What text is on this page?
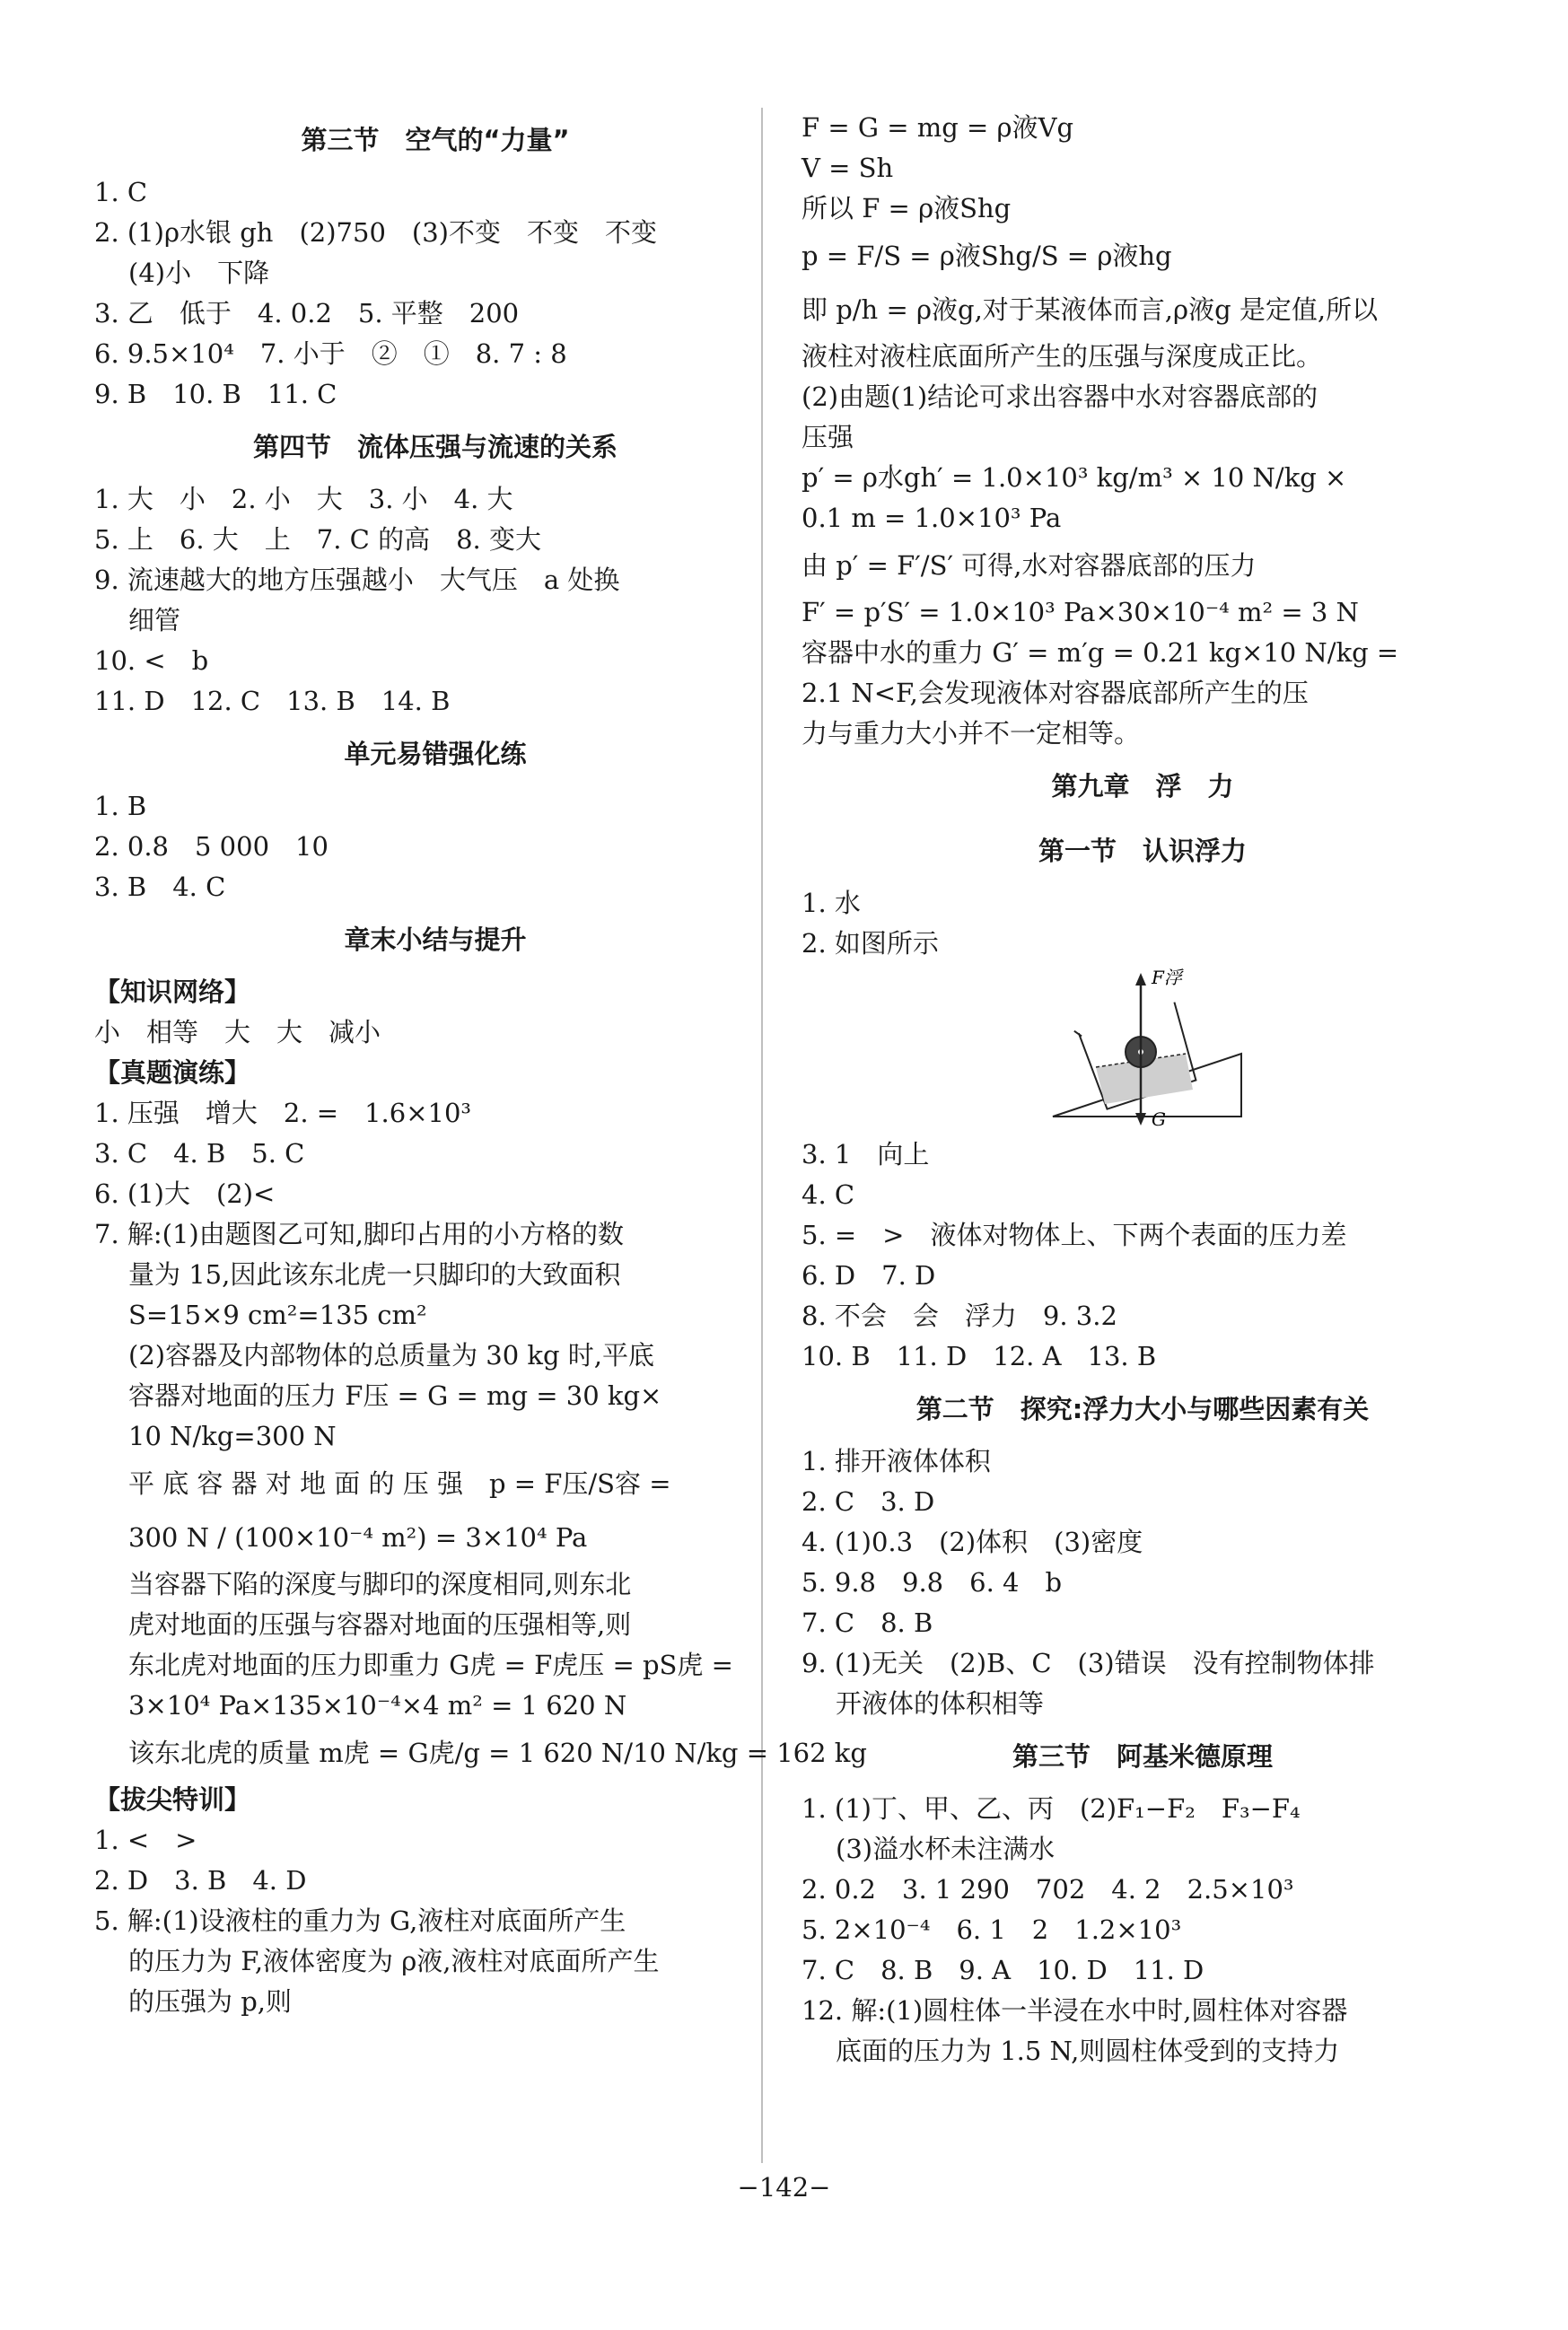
第三节　空气的“力量”
1. C
2. (1)ρ水银 gh　(2)750　(3)不变　不变　不变
(4)小　下降
3. 乙　低于　4. 0.2　5. 平整　200
6. 9.5×10⁴　7. 小于　②　①　8. 7 : 8
9. B　10. B　11. C
第四节　流体压强与流速的关系
1. 大　小　2. 小　大　3. 小　4. 大
5. 上　6. 大　上　7. C 的高　8. 变大
9. 流速越大的地方压强越小　大气压　a 处换
细管
10. <　b
11. D　12. C　13. B　14. B
单元易错强化练
1. B
2. 0.8　5 000　10
3. B　4. C
章末小结与提升
【知识网络】
小　相等　大　大　减小
【真题演练】
1. 压强　增大　2. =　1.6×10³
3. C　4. B　5. C
6. (1)大　(2)<
7. 解:(1)由题图乙可知,脚印占用的小方格的数
量为 15,因此该东北虎一只脚印的大致面积
S=15×9 cm²=135 cm²
(2)容器及内部物体的总质量为 30 kg 时,平底
容器对地面的压力 F压 = G = mg = 30 kg×
10 N/kg=300 N
平 底 容 器 对 地 面 的 压 强　p = F压/S容 =
300 N / (100×10⁻⁴ m²) = 3×10⁴ Pa
当容器下陷的深度与脚印的深度相同,则东北
虎对地面的压强与容器对地面的压强相等,则
东北虎对地面的压力即重力 G虎 = F虎压 = pS虎 =
3×10⁴ Pa×135×10⁻⁴×4 m² = 1 620 N
该东北虎的质量 m虎 = G虎/g = 1 620 N/10 N/kg = 162 kg
【拔尖特训】
1. <　>
2. D　3. B　4. D
5. 解:(1)设液柱的重力为 G,液柱对底面所产生
的压力为 F,液体密度为 ρ液,液柱对底面所产生
的压强为 p,则
F = G = mg = ρ液Vg
V = Sh
所以 F = ρ液Shg
p = F/S = ρ液Shg/S = ρ液hg
即 p/h = ρ液g,对于某液体而言,ρ液g 是定值,所以
液柱对液柱底面所产生的压强与深度成正比。
(2)由题(1)结论可求出容器中水对容器底部的
压强
p′ = ρ水gh′ = 1.0×10³ kg/m³ × 10 N/kg ×
0.1 m = 1.0×10³ Pa
由 p′ = F′/S′ 可得,水对容器底部的压力
F′ = p′S′ = 1.0×10³ Pa×30×10⁻⁴ m² = 3 N
容器中水的重力 G′ = m′g = 0.21 kg×10 N/kg =
2.1 N<F,会发现液体对容器底部所产生的压
力与重力大小并不一定相等。
第九章　浮　力
第一节　认识浮力
1. 水
2. 如图所示
F浮
G
3. 1　向上
4. C
5. =　>　液体对物体上、下两个表面的压力差
6. D　7. D
8. 不会　会　浮力　9. 3.2
10. B　11. D　12. A　13. B
第二节　探究:浮力大小与哪些因素有关
1. 排开液体体积
2. C　3. D
4. (1)0.3　(2)体积　(3)密度
5. 9.8　9.8　6. 4　b
7. C　8. B
9. (1)无关　(2)B、C　(3)错误　没有控制物体排
开液体的体积相等
第三节　阿基米德原理
1. (1)丁、甲、乙、丙　(2)F₁−F₂　F₃−F₄
(3)溢水杯未注满水
2. 0.2　3. 1 290　702　4. 2　2.5×10³
5. 2×10⁻⁴　6. 1　2　1.2×10³
7. C　8. B　9. A　10. D　11. D
12. 解:(1)圆柱体一半浸在水中时,圆柱体对容器
底面的压力为 1.5 N,则圆柱体受到的支持力
−142−
